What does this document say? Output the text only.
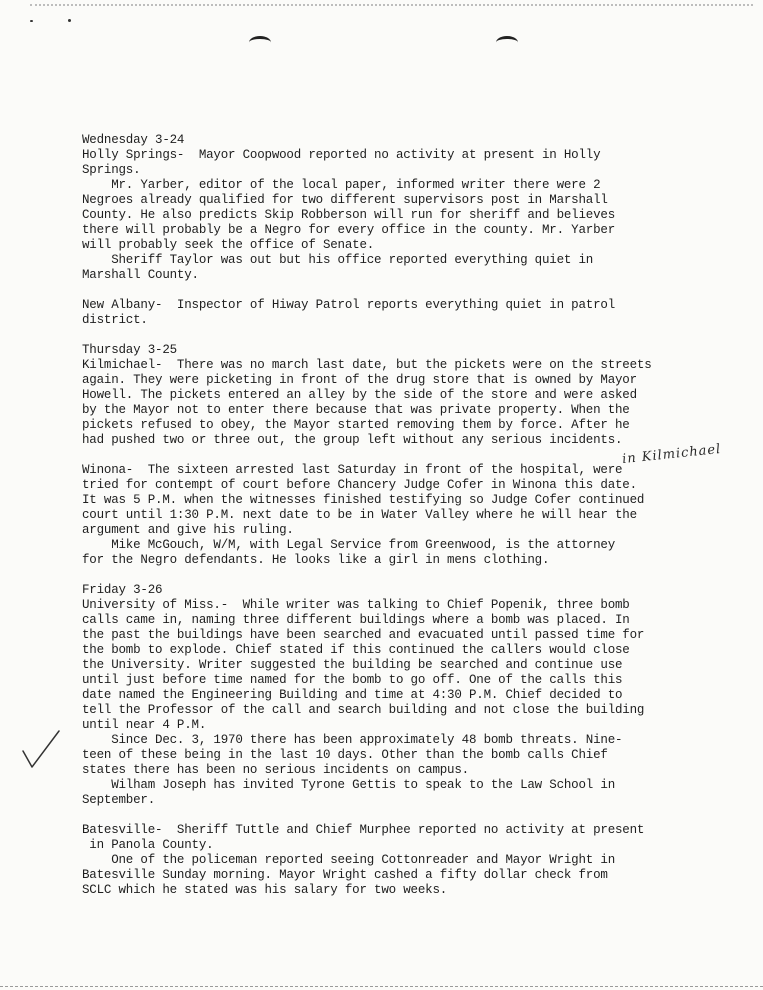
Wednesday 3-24
Holly Springs-  Mayor Coopwood reported no activity at present in Holly
Springs.
Mr. Yarber, editor of the local paper, informed writer there were 2
Negroes already qualified for two different supervisors post in Marshall
County. He also predicts Skip Robberson will run for sheriff and believes
there will probably be a Negro for every office in the county. Mr. Yarber
will probably seek the office of Senate.
Sheriff Taylor was out but his office reported everything quiet in
Marshall County.
New Albany-  Inspector of Hiway Patrol reports everything quiet in patrol
district.
Thursday 3-25
Kilmichael-  There was no march last date, but the pickets were on the streets
again. They were picketing in front of the drug store that is owned by Mayor
Howell. The pickets entered an alley by the side of the store and were asked
by the Mayor not to enter there because that was private property. When the
pickets refused to obey, the Mayor started removing them by force. After he
had pushed two or three out, the group left without any serious incidents.
Winona-  The sixteen arrested last Saturday in front of the hospital, were
tried for contempt of court before Chancery Judge Cofer in Winona this date.
It was 5 P.M. when the witnesses finished testifying so Judge Cofer continued
court until 1:30 P.M. next date to be in Water Valley where he will hear the
argument and give his ruling.
Mike McGouch, W/M, with Legal Service from Greenwood, is the attorney
for the Negro defendants. He looks like a girl in mens clothing.
Friday 3-26
University of Miss.-  While writer was talking to Chief Popenik, three bomb
calls came in, naming three different buildings where a bomb was placed. In
the past the buildings have been searched and evacuated until passed time for
the bomb to explode. Chief stated if this continued the callers would close
the University. Writer suggested the building be searched and continue use
until just before time named for the bomb to go off. One of the calls this
date named the Engineering Building and time at 4:30 P.M. Chief decided to
tell the Professor of the call and search building and not close the building
until near 4 P.M.
Since Dec. 3, 1970 there has been approximately 48 bomb threats. Nine-
teen of these being in the last 10 days. Other than the bomb calls Chief
states there has been no serious incidents on campus.
Wilham Joseph has invited Tyrone Gettis to speak to the Law School in
September.
Batesville-  Sheriff Tuttle and Chief Murphee reported no activity at present
in Panola County.
One of the policeman reported seeing Cottonreader and Mayor Wright in
Batesville Sunday morning. Mayor Wright cashed a fifty dollar check from
SCLC which he stated was his salary for two weeks.
in Kilmichael
